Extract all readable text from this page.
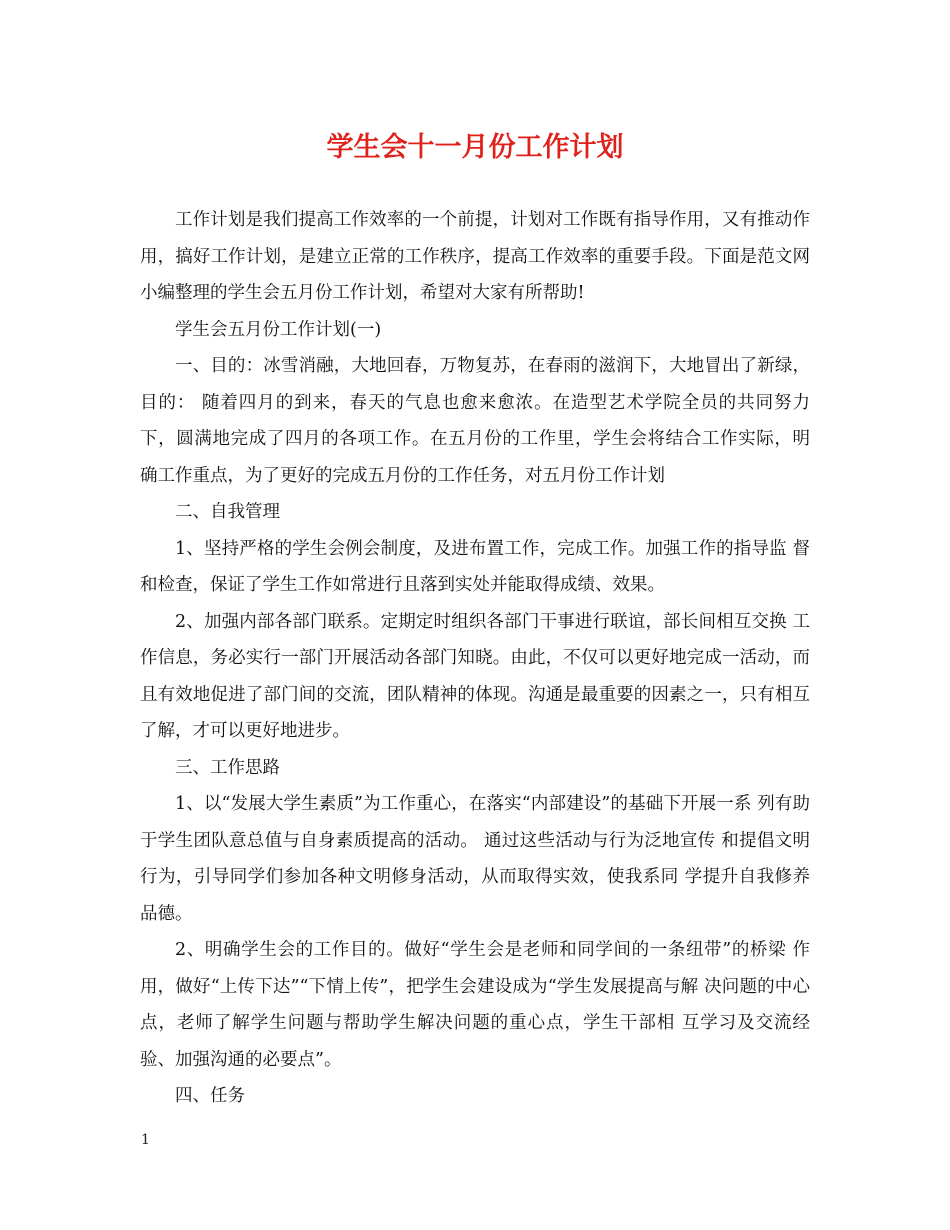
学生会十一月份工作计划

工作计划是我们提高工作效率的一个前提，计划对工作既有指导作用，又有推动作用，搞好工作计划，是建立正常的工作秩序，提高工作效率的重要手段。下面是范文网小编整理的学生会五月份工作计划，希望对大家有所帮助!

学生会五月份工作计划(一)

一、目的：冰雪消融，大地回春，万物复苏，在春雨的滋润下，大地冒出了新绿，目的： 随着四月的到来，春天的气息也愈来愈浓。在造型艺术学院全员的共同努力下，圆满地完成了四月的各项工作。在五月份的工作里，学生会将结合工作实际，明 确工作重点，为了更好的完成五月份的工作任务，对五月份工作计划

二、自我管理

1、坚持严格的学生会例会制度，及进布置工作，完成工作。加强工作的指导监 督和检查，保证了学生工作如常进行且落到实处并能取得成绩、效果。

2、加强内部各部门联系。定期定时组织各部门干事进行联谊，部长间相互交换 工作信息，务必实行一部门开展活动各部门知晓。由此，不仅可以更好地完成一活动，而且有效地促进了部门间的交流，团队精神的体现。沟通是最重要的因素之一，只有相互了解，才可以更好地进步。

三、工作思路

1、以“发展大学生素质”为工作重心，在落实“内部建设”的基础下开展一系 列有助于学生团队意总值与自身素质提高的活动。 通过这些活动与行为泛地宣传 和提倡文明行为，引导同学们参加各种文明修身活动，从而取得实效，使我系同 学提升自我修养品德。

2、明确学生会的工作目的。做好“学生会是老师和同学间的一条纽带”的桥梁 作用，做好“上传下达”“下情上传”，把学生会建设成为“学生发展提高与解 决问题的中心点，老师了解学生问题与帮助学生解决问题的重心点，学生干部相 互学习及交流经验、加强沟通的必要点”。

四、任务

1
